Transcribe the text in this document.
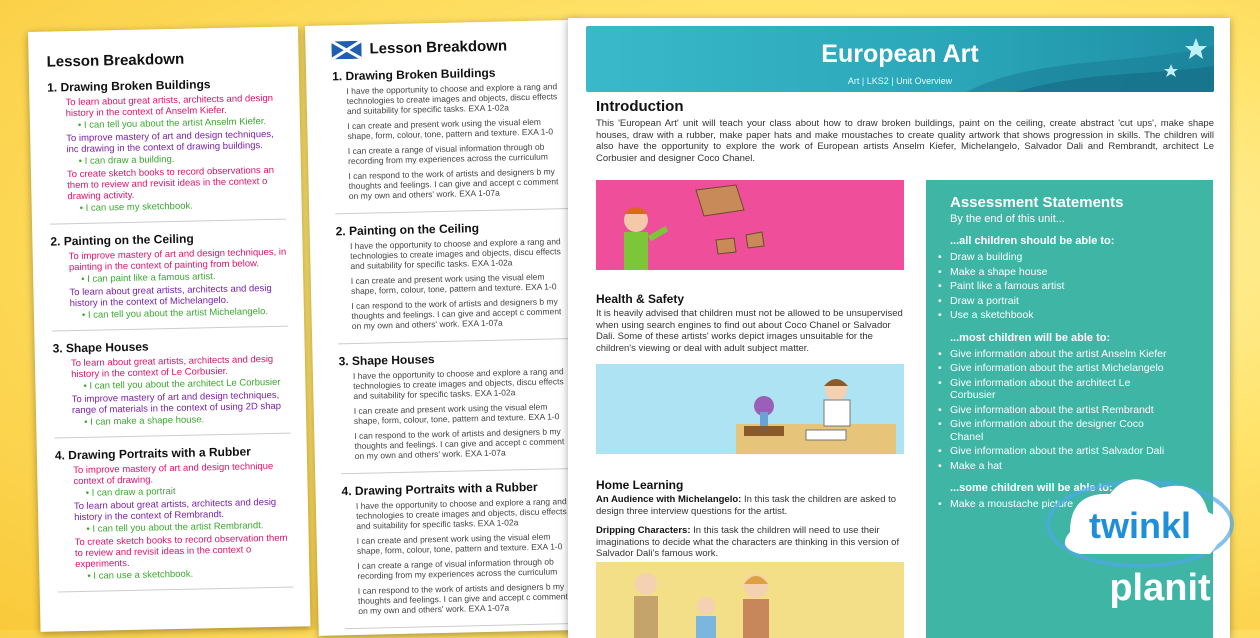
Lesson Breakdown
1. Drawing Broken Buildings
To learn about great artists, architects and design history in the context of Anselm Kiefer.
• I can tell you about the artist Anselm Kiefer.
To improve mastery of art and design techniques, inc drawing in the context of drawing buildings.
• I can draw a building.
To create sketch books to record observations an them to review and revisit ideas in the context o drawing activity.
• I can use my sketchbook.
2. Painting on the Ceiling
To improve mastery of art and design techniques, in painting in the context of painting from below.
• I can paint like a famous artist.
To learn about great artists, architects and desig history in the context of Michelangelo.
• I can tell you about the artist Michelangelo.
3. Shape Houses
To learn about great artists, architects and desig history in the context of Le Corbusier.
• I can tell you about the architect Le Corbusier
To improve mastery of art and design techniques, range of materials in the context of using 2D shap
• I can make a shape house.
4. Drawing Portraits with a Rubber
To improve mastery of art and design technique context of drawing.
• I can draw a portrait
To learn about great artists, architects and desig history in the context of Rembrandt.
• I can tell you about the artist Rembrandt.
To create sketch books to record observation them to review and revisit ideas in the context o experiments.
• I can use a sketchbook.
Lesson Breakdown
1. Drawing Broken Buildings
I have the opportunity to choose and explore a rang and technologies to create images and objects, discu effects and suitability for specific tasks. EXA 1-02a
I can create and present work using the visual elem shape, form, colour, tone, pattern and texture. EXA 1-0
I can create a range of visual information through ob recording from my experiences across the curriculum
I can respond to the work of artists and designers b my thoughts and feelings. I can give and accept c comment on my own and others' work. EXA 1-07a
2. Painting on the Ceiling
I have the opportunity to choose and explore a rang and technologies to create images and objects, discu effects and suitability for specific tasks. EXA 1-02a
I can create and present work using the visual elem shape, form, colour, tone, pattern and texture. EXA 1-0
I can respond to the work of artists and designers b my thoughts and feelings. I can give and accept c comment on my own and others' work. EXA 1-07a
3. Shape Houses
I have the opportunity to choose and explore a rang and technologies to create images and objects, discu effects and suitability for specific tasks. EXA 1-02a
I can create and present work using the visual elem shape, form, colour, tone, pattern and texture. EXA 1-0
I can respond to the work of artists and designers b my thoughts and feelings. I can give and accept c comment on my own and others' work. EXA 1-07a
4. Drawing Portraits with a Rubber
I have the opportunity to choose and explore a rang and technologies to create images and objects, discu effects and suitability for specific tasks. EXA 1-02a
I can create and present work using the visual elem shape, form, colour, tone, pattern and texture. EXA 1-0
I can create a range of visual information through ob recording from my experiences across the curriculum
I can respond to the work of artists and designers b my thoughts and feelings. I can give and accept c comment on my own and others' work. EXA 1-07a
European Art
Art | LKS2 | Unit Overview
Introduction
This 'European Art' unit will teach your class about how to draw broken buildings, paint on the ceiling, create abstract 'cut ups', make shape houses, draw with a rubber, make paper hats and make moustaches to create quality artwork that shows progression in skills. The children will also have the opportunity to explore the work of European artists Anselm Kiefer, Michelangelo, Salvador Dali and Rembrandt, architect Le Corbusier and designer Coco Chanel.
Health & Safety
It is heavily advised that children must not be allowed to be unsupervised when using search engines to find out about Coco Chanel or Salvador Dali. Some of these artists' works depict images unsuitable for the children's viewing or deal with adult subject matter.
Home Learning
An Audience with Michelangelo: In this task the children are asked to design three interview questions for the artist.
Dripping Characters: In this task the children will need to use their imaginations to decide what the characters are thinking in this version of Salvador Dali's famous work.
Assessment Statements
By the end of this unit...
...all children should be able to:
• Draw a building
• Make a shape house
• Paint like a famous artist
• Draw a portrait
• Use a sketchbook
...most children will be able to:
• Give information about the artist Anselm Kiefer
• Give information about the artist Michelangelo
• Give information about the architect Le Corbusier
• Give information about the artist Rembrandt
• Give information about the designer Coco Chanel
• Give information about the artist Salvador Dali
• Make a hat
...some children will be able to:
• Make a moustache picture
twinkl
planit
